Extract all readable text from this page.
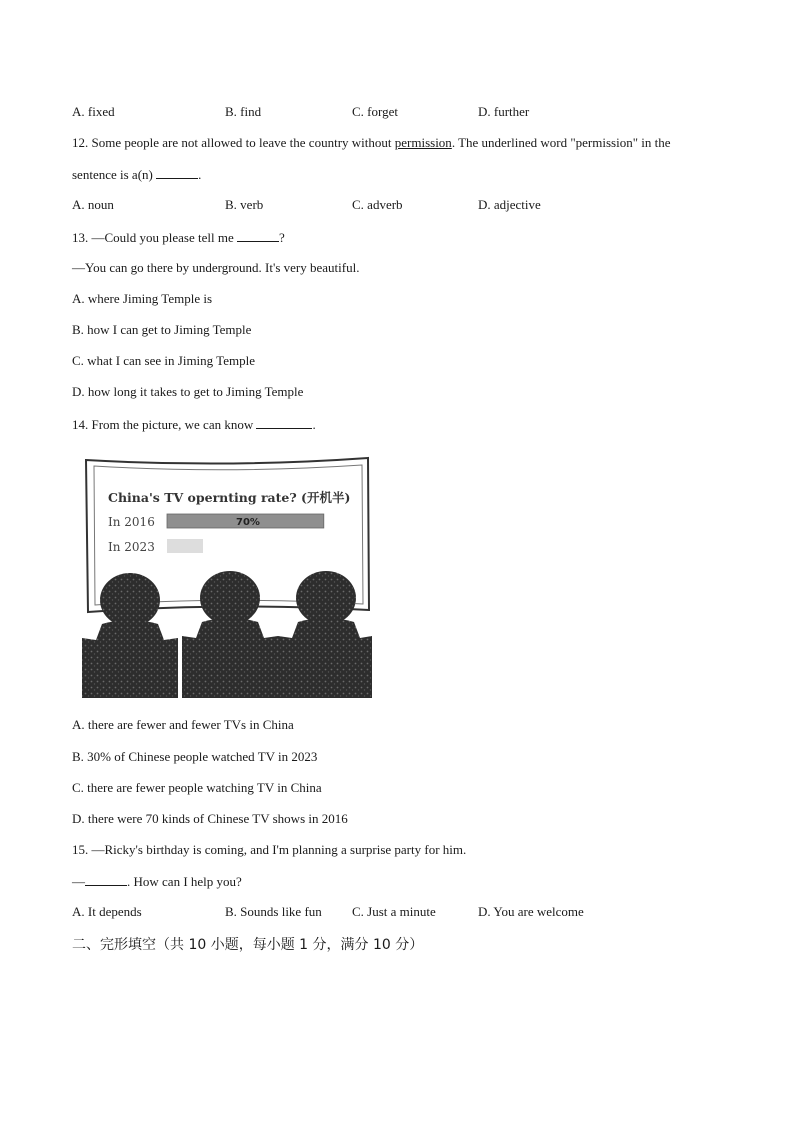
A. fixed	B. find	C. forget	D. further
12. Some people are not allowed to leave the country without permission. The underlined word "permission" in the
sentence is a(n)	.
A. noun	B. verb	C. adverb	D. adjective
13. —Could you please tell me	?
—You can go there by underground. It's very beautiful.
A. where Jiming Temple is
B. how I can get to Jiming Temple
C. what I can see in Jiming Temple
D. how long it takes to get to Jiming Temple
14. From the picture, we can know	.
China's TV opernting rate? (开机半)
In 2016	70%
In 2023
A. there are fewer and fewer TVs in China
B. 30% of Chinese people watched TV in 2023
C. there are fewer people watching TV in China
D. there were 70 kinds of Chinese TV shows in 2016
15. —Ricky's birthday is coming, and I'm planning a surprise party for him.
—	. How can I help you?
A. It depends	B. Sounds like fun C. Just a minute	D. You are welcome
二、完形填空（共 10 小题，每小题 1 分，满分 10 分）
